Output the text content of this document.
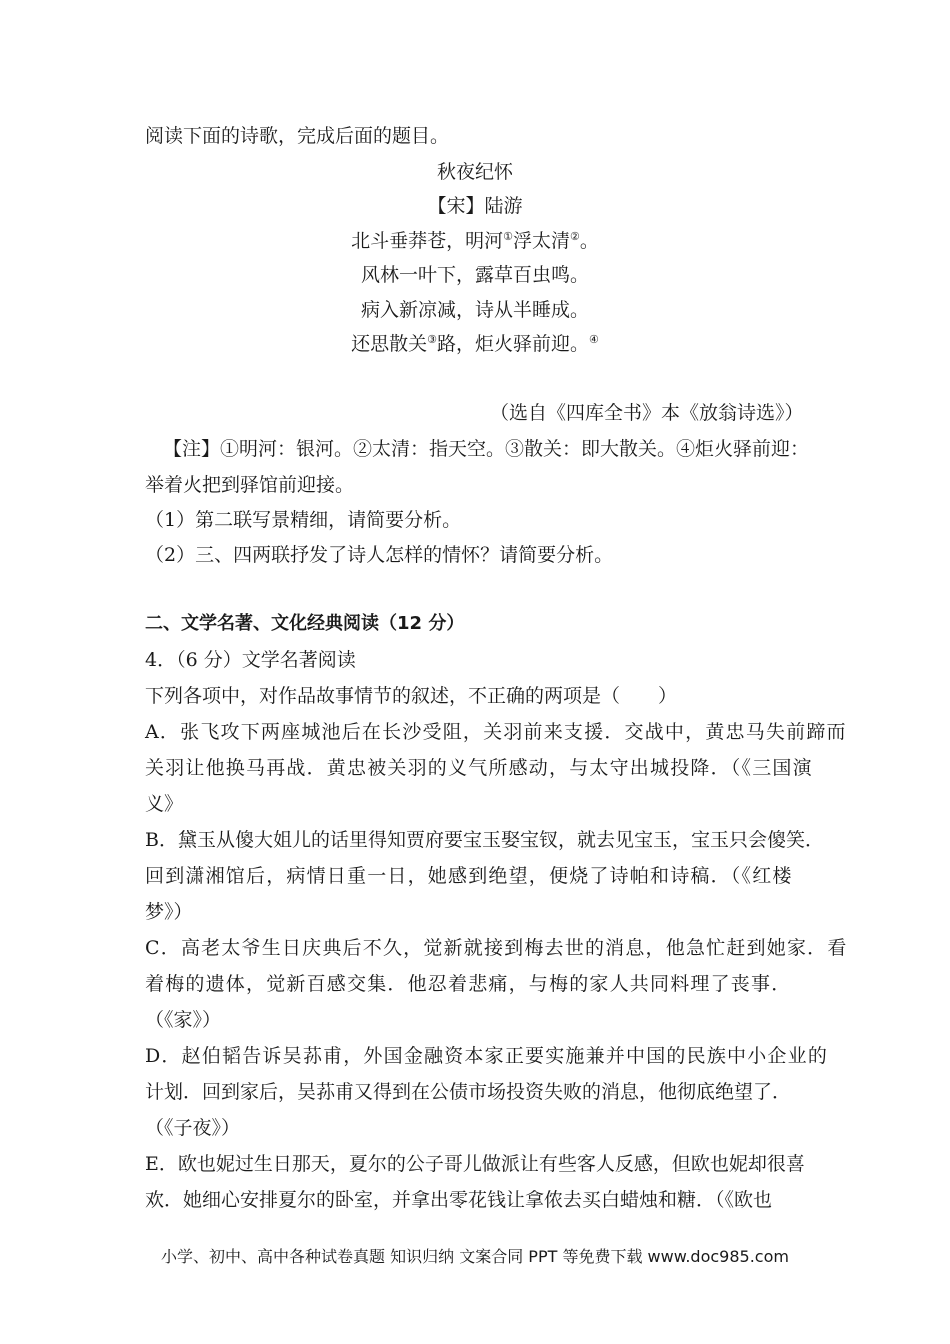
阅读下面的诗歌，完成后面的题目。
秋夜纪怀
【宋】陆游
北斗垂莽苍，明河①浮太清②。
风林一叶下，露草百虫鸣。
病入新凉减，诗从半睡成。
还思散关③路，炬火驿前迎。④
（选自《四库全书》本《放翁诗选》）
【注】①明河：银河。②太清：指天空。③散关：即大散关。④炬火驿前迎：
举着火把到驿馆前迎接。
（1）第二联写景精细，请简要分析。
（2）三、四两联抒发了诗人怎样的情怀？请简要分析。
二、文学名著、文化经典阅读（12 分）
4．（6 分）文学名著阅读
下列各项中，对作品故事情节的叙述，不正确的两项是（　　）
A．张飞攻下两座城池后在长沙受阻，关羽前来支援．交战中，黄忠马失前蹄而
关羽让他换马再战．黄忠被关羽的义气所感动，与太守出城投降．（《三国演
义》
B．黛玉从傻大姐儿的话里得知贾府要宝玉娶宝钗，就去见宝玉，宝玉只会傻笑．
回到潇湘馆后，病情日重一日，她感到绝望，便烧了诗帕和诗稿．（《红楼
梦》）
C．高老太爷生日庆典后不久，觉新就接到梅去世的消息，他急忙赶到她家．看
着梅的遗体，觉新百感交集．他忍着悲痛，与梅的家人共同料理了丧事．
（《家》）
D．赵伯韬告诉吴荪甫，外国金融资本家正要实施兼并中国的民族中小企业的
计划．回到家后，吴荪甫又得到在公债市场投资失败的消息，他彻底绝望了．
（《子夜》）
E．欧也妮过生日那天，夏尔的公子哥儿做派让有些客人反感，但欧也妮却很喜
欢．她细心安排夏尔的卧室，并拿出零花钱让拿侬去买白蜡烛和糖．（《欧也
小学、初中、高中各种试卷真题 知识归纳 文案合同 PPT 等免费下载 www.doc985.com
